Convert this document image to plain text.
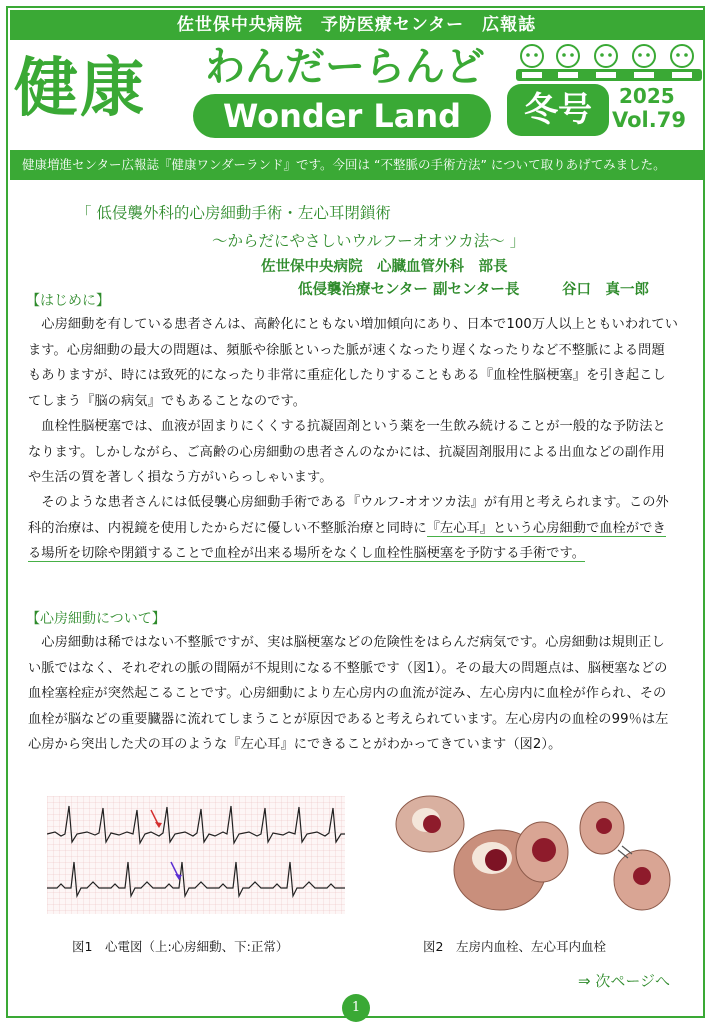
佐世保中央病院　予防医療センター　広報誌
健康 わんだーらんど
Wonder Land	冬号	2025
Vol.79
健康増進センター広報誌『健康ワンダーランド』です。今回は “不整脈の手術方法” について取りあげてみました。
「 低侵襲外科的心房細動手術・左心耳閉鎖術
～からだにやさしいウルフーオオツカ法～ 」
佐世保中央病院　心臓血管外科　部長
低侵襲治療センター 副センター長	谷口　真一郎
【はじめに】
　心房細動を有している患者さんは、高齢化にともない増加傾向にあり、日本で100万人以上ともいわれています。心房細動の最大の問題は、頻脈や徐脈といった脈が速くなったり遅くなったりなど不整脈による問題もありますが、時には致死的になったり非常に重症化したりすることもある『血栓性脳梗塞』を引き起こしてしまう『脳の病気』でもあることなのです。
　血栓性脳梗塞では、血液が固まりにくくする抗凝固剤という薬を一生飲み続けることが一般的な予防法となります。しかしながら、ご高齢の心房細動の患者さんのなかには、抗凝固剤服用による出血などの副作用や生活の質を著しく損なう方がいらっしゃいます。
　そのような患者さんには低侵襲心房細動手術である『ウルフ-オオツカ法』が有用と考えられます。この外科的治療は、内視鏡を使用したからだに優しい不整脈治療と同時に『左心耳』という心房細動で血栓ができる場所を切除や閉鎖することで血栓が出来る場所をなくし血栓性脳梗塞を予防する手術です。
【心房細動について】
　心房細動は稀ではない不整脈ですが、実は脳梗塞などの危険性をはらんだ病気です。心房細動は規則正しい脈ではなく、それぞれの脈の間隔が不規則になる不整脈です（図1）。その最大の問題点は、脳梗塞などの血栓塞栓症が突然起こることです。心房細動により左心房内の血流が淀み、左心房内に血栓が作られ、その血栓が脳などの重要臓器に流れてしまうことが原因であると考えられています。左心房内の血栓の99％は左心房から突出した犬の耳のような『左心耳』にできることがわかってきています（図2）。
図1　心電図（上:心房細動、下:正常）	図2　左房内血栓、左心耳内血栓
⇒ 次ページへ
1
